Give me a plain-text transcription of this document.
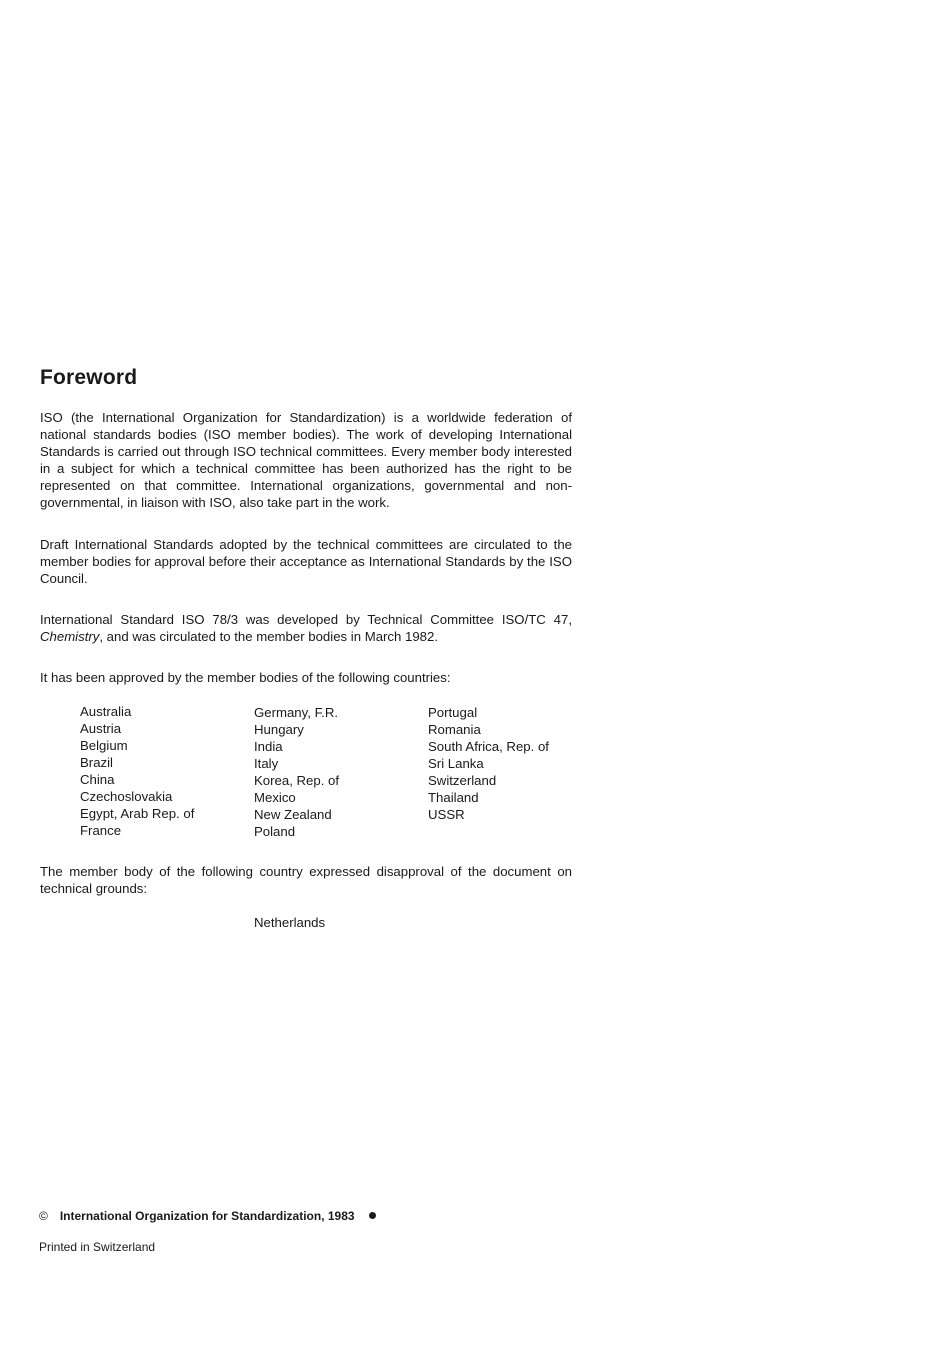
Foreword

ISO (the International Organization for Standardization) is a worldwide federation of national standards bodies (ISO member bodies). The work of developing International Standards is carried out through ISO technical committees. Every member body interested in a subject for which a technical committee has been authorized has the right to be represented on that committee. International organizations, governmental and non-governmental, in liaison with ISO, also take part in the work.

Draft International Standards adopted by the technical committees are circulated to the member bodies for approval before their acceptance as International Standards by the ISO Council.

International Standard ISO 78/3 was developed by Technical Committee ISO/TC 47, Chemistry, and was circulated to the member bodies in March 1982.

It has been approved by the member bodies of the following countries:

Australia
Austria
Belgium
Brazil
China
Czechoslovakia
Egypt, Arab Rep. of
France
Germany, F.R.
Hungary
India
Italy
Korea, Rep. of
Mexico
New Zealand
Poland
Portugal
Romania
South Africa, Rep. of
Sri Lanka
Switzerland
Thailand
USSR

The member body of the following country expressed disapproval of the document on technical grounds:

Netherlands
© International Organization for Standardization, 1983
Printed in Switzerland
